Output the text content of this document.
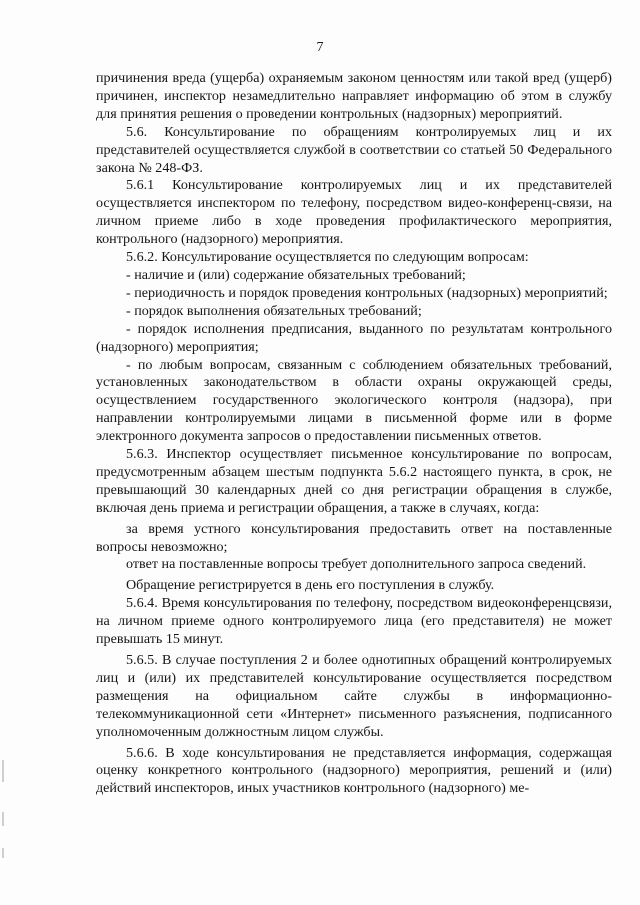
7

причинения вреда (ущерба) охраняемым законом ценностям или такой вред (ущерб) причинен, инспектор незамедлительно направляет информацию об этом в службу для принятия решения о проведении контрольных (надзорных) мероприятий.

5.6. Консультирование по обращениям контролируемых лиц и их представителей осуществляется службой в соответствии со статьей 50 Федерального закона № 248-ФЗ.

5.6.1 Консультирование контролируемых лиц и их представителей осуществляется инспектором по телефону, посредством видео-конференц-связи, на личном приеме либо в ходе проведения профилактического мероприятия, контрольного (надзорного) мероприятия.

5.6.2. Консультирование осуществляется по следующим вопросам:

- наличие и (или) содержание обязательных требований;

- периодичность и порядок проведения контрольных (надзорных) мероприятий;

- порядок выполнения обязательных требований;

- порядок исполнения предписания, выданного по результатам контрольного (надзорного) мероприятия;

- по любым вопросам, связанным с соблюдением обязательных требований, установленных законодательством в области охраны окружающей среды, осуществлением государственного экологического контроля (надзора), при направлении контролируемыми лицами в письменной форме или в форме электронного документа запросов о предоставлении письменных ответов.

5.6.3. Инспектор осуществляет письменное консультирование по вопросам, предусмотренным абзацем шестым подпункта 5.6.2 настоящего пункта, в срок, не превышающий 30 календарных дней со дня регистрации обращения в службе, включая день приема и регистрации обращения, а также в случаях, когда:

за время устного консультирования предоставить ответ на поставленные вопросы невозможно;

ответ на поставленные вопросы требует дополнительного запроса сведений.

Обращение регистрируется в день его поступления в службу.

5.6.4. Время консультирования по телефону, посредством видеоконференцсвязи, на личном приеме одного контролируемого лица (его представителя) не может превышать 15 минут.

5.6.5. В случае поступления 2 и более однотипных обращений контролируемых лиц и (или) их представителей консультирование осуществляется посредством размещения на официальном сайте службы в информационно-телекоммуникационной сети «Интернет» письменного разъяснения, подписанного уполномоченным должностным лицом службы.

5.6.6. В ходе консультирования не представляется информация, содержащая оценку конкретного контрольного (надзорного) мероприятия, решений и (или) действий инспекторов, иных участников контрольного (надзорного) ме-
